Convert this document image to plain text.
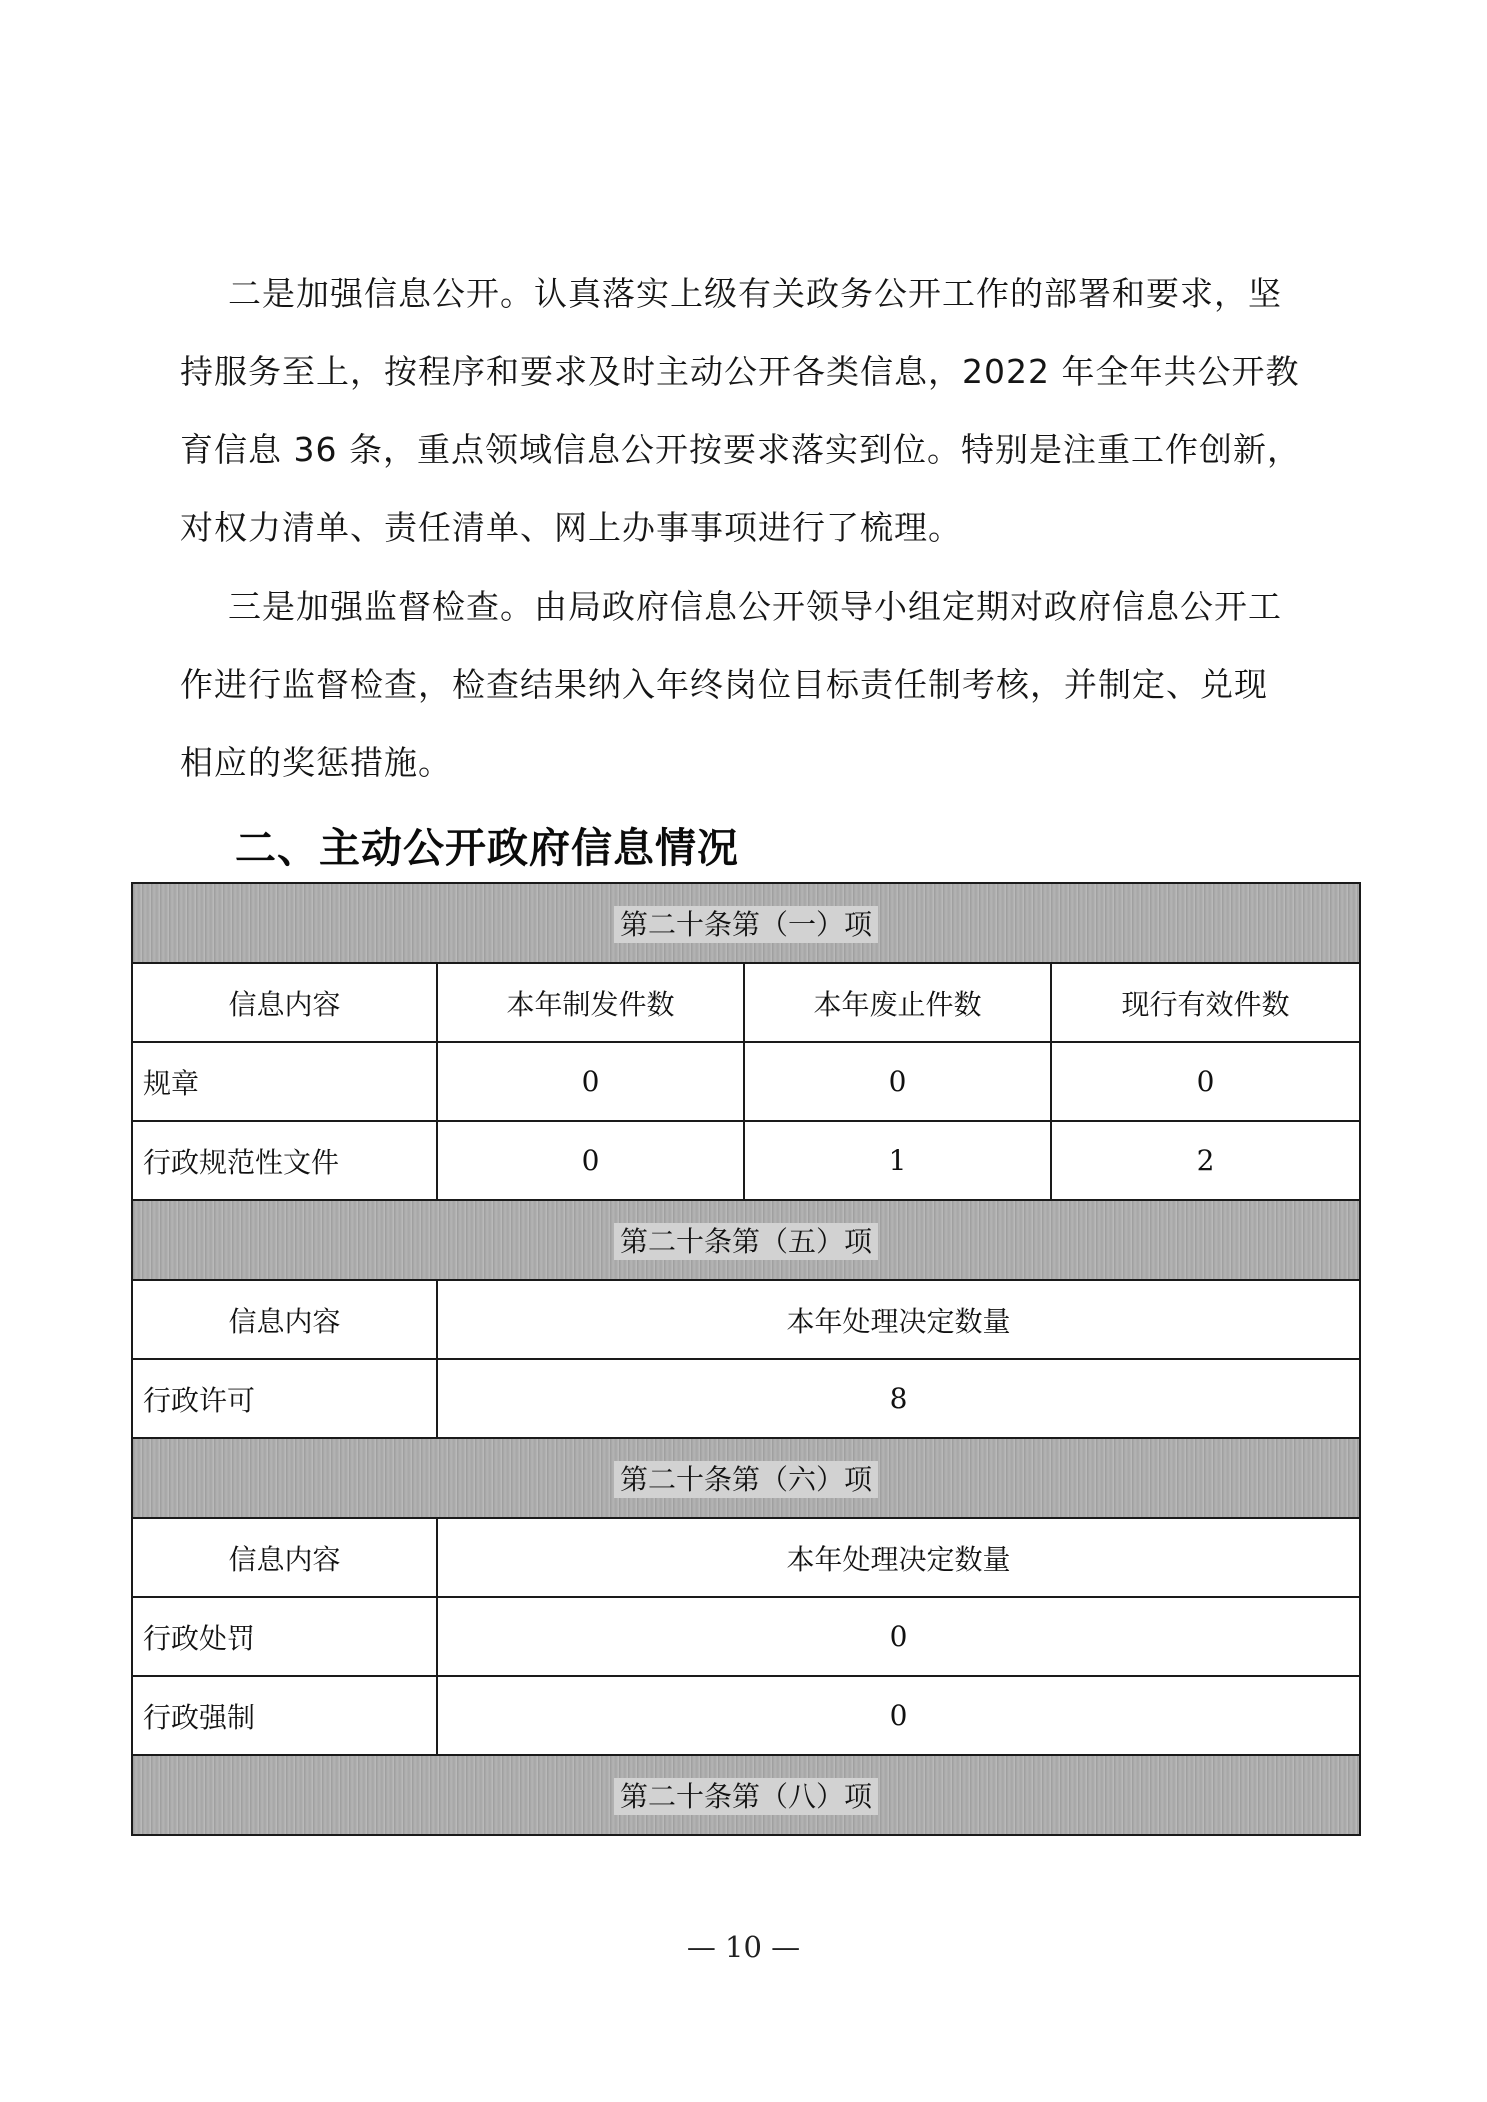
二是加强信息公开。认真落实上级有关政务公开工作的部署和要求，坚
持服务至上，按程序和要求及时主动公开各类信息，2022 年全年共公开教
育信息 36 条，重点领域信息公开按要求落实到位。特别是注重工作创新，
对权力清单、责任清单、网上办事事项进行了梳理。
三是加强监督检查。由局政府信息公开领导小组定期对政府信息公开工
作进行监督检查，检查结果纳入年终岗位目标责任制考核，并制定、兑现
相应的奖惩措施。
二、主动公开政府信息情况
第二十条第（一）项			
信息内容	本年制发件数	本年废止件数	现行有效件数
规章	0	0	0
行政规范性文件	0	1	2
第二十条第（五）项			
信息内容	本年处理决定数量		
行政许可	8		
第二十条第（六）项			
信息内容	本年处理决定数量		
行政处罚	0		
行政强制	0		
第二十条第（八）项			
— 10 —
